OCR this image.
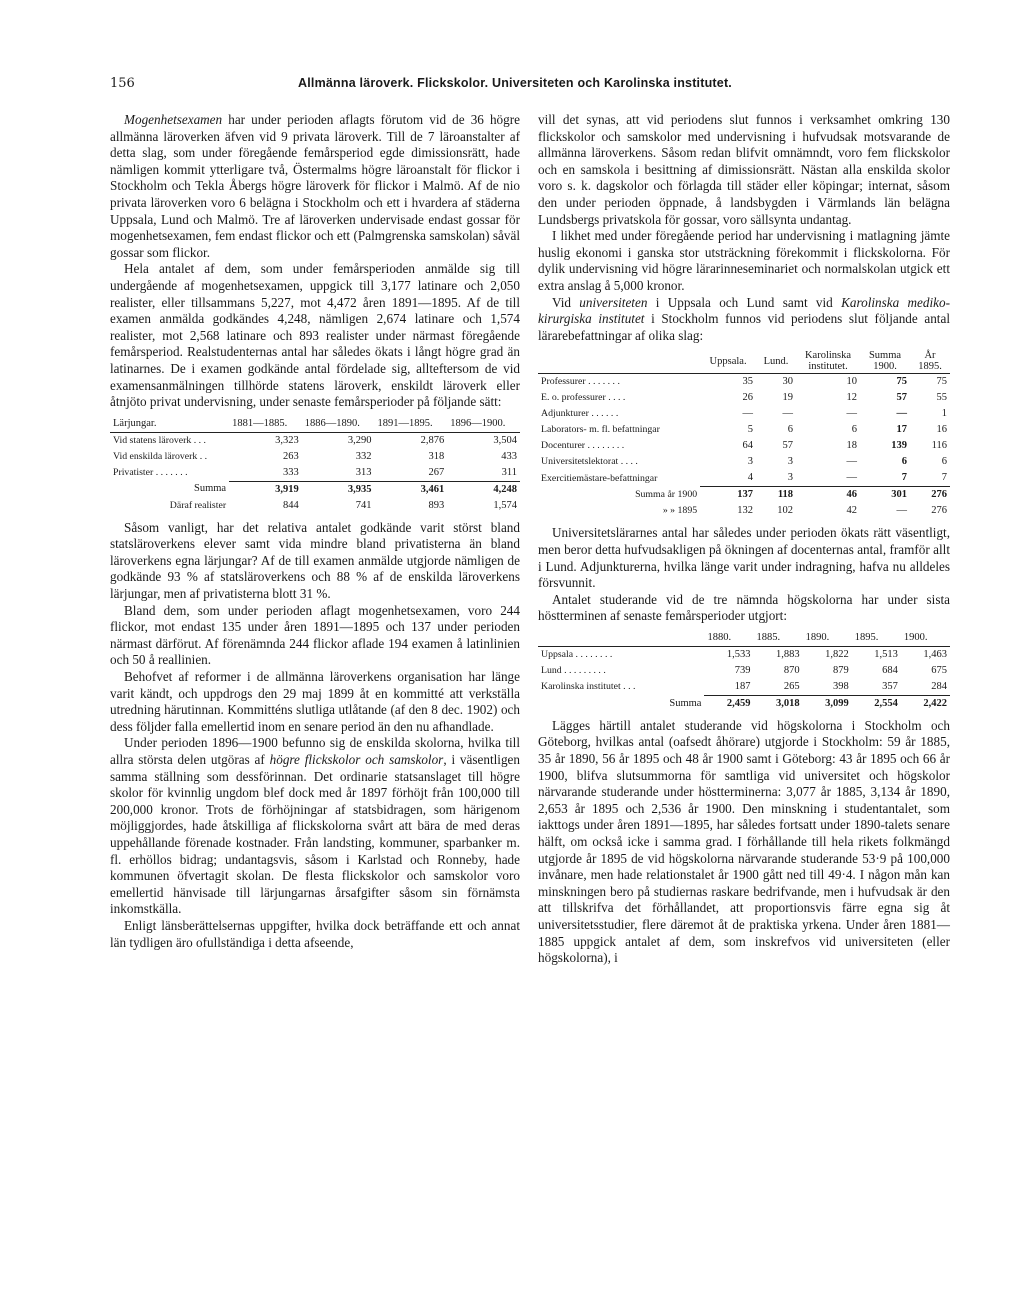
156	Allmänna läroverk. Flickskolor. Universiteten och Karolinska institutet.

Mogenhetsexamen har under perioden aflagts förutom vid de 36 högre allmänna läroverken äfven vid 9 privata läroverk. Till de 7 läroanstalter af detta slag, som under föregående femårsperiod egde dimissionsrätt, hade nämligen kommit ytterligare två, Östermalms högre läroanstalt för flickor i Stockholm och Tekla Åbergs högre läroverk för flickor i Malmö. Af de nio privata läroverken voro 6 belägna i Stockholm och ett i hvardera af städerna Uppsala, Lund och Malmö. Tre af läroverken undervisade endast gossar för mogenhetsexamen, fem endast flickor och ett (Palmgrenska samskolan) såväl gossar som flickor.

Hela antalet af dem, som under femårsperioden anmälde sig till undergående af mogenhetsexamen, uppgick till 3,177 latinare och 2,050 realister, eller tillsammans 5,227, mot 4,472 åren 1891—1895. Af de till examen anmälda godkändes 4,248, nämligen 2,674 latinare och 1,574 realister, mot 2,568 latinare och 893 realister under närmast föregående femårsperiod. Realstudenternas antal har således ökats i långt högre grad än latinarnes. De i examen godkände antal fördelade sig, allteftersom de vid examensanmälningen tillhörde statens läroverk, enskildt läroverk eller åtnjöto privat undervisning, under senaste femårsperioder på följande sätt:

Lärjungar.	1881—1885.	1886—1890.	1891—1895.	1896—1900.
Vid statens läroverk . . .	3,323	3,290	2,876	3,504
Vid enskilda läroverk . .	263	332	318	433
Privatister . . . . . . .	333	313	267	311
Summa	3,919	3,935	3,461	4,248
Däraf realister	844	741	893	1,574

Såsom vanligt, har det relativa antalet godkände varit störst bland statsläroverkens elever samt vida mindre bland privatisterna än bland läroverkens egna lärjungar? Af de till examen anmälde utgjorde nämligen de godkände 93 % af statsläroverkens och 88 % af de enskilda läroverkens lärjungar, men af privatisterna blott 31 %.

Bland dem, som under perioden aflagt mogenhetsexamen, voro 244 flickor, mot endast 135 under åren 1891—1895 och 137 under perioden närmast därförut. Af förenämnda 244 flickor aflade 194 examen å latinlinien och 50 å reallinien.

Behofvet af reformer i de allmänna läroverkens organisation har länge varit kändt, och uppdrogs den 29 maj 1899 åt en kommitté att verkställa utredning härutinnan. Kommitténs slutliga utlåtande (af den 8 dec. 1902) och dess följder falla emellertid inom en senare period än den nu afhandlade.

Under perioden 1896—1900 befunno sig de enskilda skolorna, hvilka till allra största delen utgöras af högre flickskolor och samskolor, i väsentligen samma ställning som dessförinnan. Det ordinarie statsanslaget till högre skolor för kvinnlig ungdom blef dock med år 1897 förhöjt från 100,000 till 200,000 kronor. Trots de förhöjningar af statsbidragen, som härigenom möjliggjordes, hade åtskilliga af flickskolorna svårt att bära de med deras uppehållande förenade kostnader. Från landsting, kommuner, sparbanker m. fl. erhöllos bidrag; undantagsvis, såsom i Karlstad och Ronneby, hade kommunen öfvertagit skolan. De flesta flickskolor och samskolor voro emellertid hänvisade till lärjungarnas årsafgifter såsom sin förnämsta inkomstkälla.

Enligt länsberättelsernas uppgifter, hvilka dock beträffande ett och annat län tydligen äro ofullständiga i detta afseende,

vill det synas, att vid periodens slut funnos i verksamhet omkring 130 flickskolor och samskolor med undervisning i hufvudsak motsvarande de allmänna läroverkens. Såsom redan blifvit omnämndt, voro fem flickskolor och en samskola i besittning af dimissionsrätt. Nästan alla enskilda skolor voro s. k. dagskolor och förlagda till städer eller köpingar; internat, såsom den under perioden öppnade, å landsbygden i Värmlands län belägna Lundsbergs privatskola för gossar, voro sällsynta undantag.

I likhet med under föregående period har undervisning i matlagning jämte huslig ekonomi i ganska stor utsträckning förekommit i flickskolorna. För dylik undervisning vid högre lärarinneseminariet och normalskolan utgick ett extra anslag å 5,000 kronor.

Vid universiteten i Uppsala och Lund samt vid Karolinska mediko-kirurgiska institutet i Stockholm funnos vid periodens slut följande antal lärarebefattningar af olika slag:

	Uppsala.	Lund.	Karolinska institutet.	Summa 1900.	År 1895.
Professurer . . . . . . .	35	30	10	75	75
E. o. professurer . . . .	26	19	12	57	55
Adjunkturer . . . . . .	—	—	—	—	1
Laborators- m. fl. befattningar	5	6	6	17	16
Docenturer . . . . . . . .	64	57	18	139	116
Universitetslektorat . . . .	3	3	—	6	6
Exercitiemästare-befattningar	4	3	—	7	7
Summa år 1900	137	118	46	301	276
» » 1895	132	102	42	—	276

Universitetslärarnes antal har således under perioden ökats rätt väsentligt, men beror detta hufvudsakligen på ökningen af docenternas antal, framför allt i Lund. Adjunkturerna, hvilka länge varit under indragning, hafva nu alldeles försvunnit.

Antalet studerande vid de tre nämnda högskolorna har under sista höstterminen af senaste femårsperioder utgjort:

	1880.	1885.	1890.	1895.	1900.
Uppsala . . . . . . . .	1,533	1,883	1,822	1,513	1,463
Lund . . . . . . . . .	739	870	879	684	675
Karolinska institutet . . .	187	265	398	357	284
Summa	2,459	3,018	3,099	2,554	2,422

Lägges härtill antalet studerande vid högskolorna i Stockholm och Göteborg, hvilkas antal (oafsedt åhörare) utgjorde i Stockholm: 59 år 1885, 35 år 1890, 56 år 1895 och 48 år 1900 samt i Göteborg: 43 år 1895 och 66 år 1900, blifva slutsummorna för samtliga vid universitet och högskolor närvarande studerande under höstterminerna: 3,077 år 1885, 3,134 år 1890, 2,653 år 1895 och 2,536 år 1900. Den minskning i studentantalet, som iakttogs under åren 1891—1895, har således fortsatt under 1890-talets senare hälft, om också icke i samma grad. I förhållande till hela rikets folkmängd utgjorde år 1895 de vid högskolorna närvarande studerande 53·9 på 100,000 invånare, men hade relationstalet år 1900 gått ned till 49·4. I någon mån kan minskningen bero på studiernas raskare bedrifvande, men i hufvudsak är den att tillskrifva det förhållandet, att proportionsvis färre egna sig åt universitetsstudier, flere däremot åt de praktiska yrkena. Under åren 1881—1885 uppgick antalet af dem, som inskrefvos vid universiteten (eller högskolorna), i
